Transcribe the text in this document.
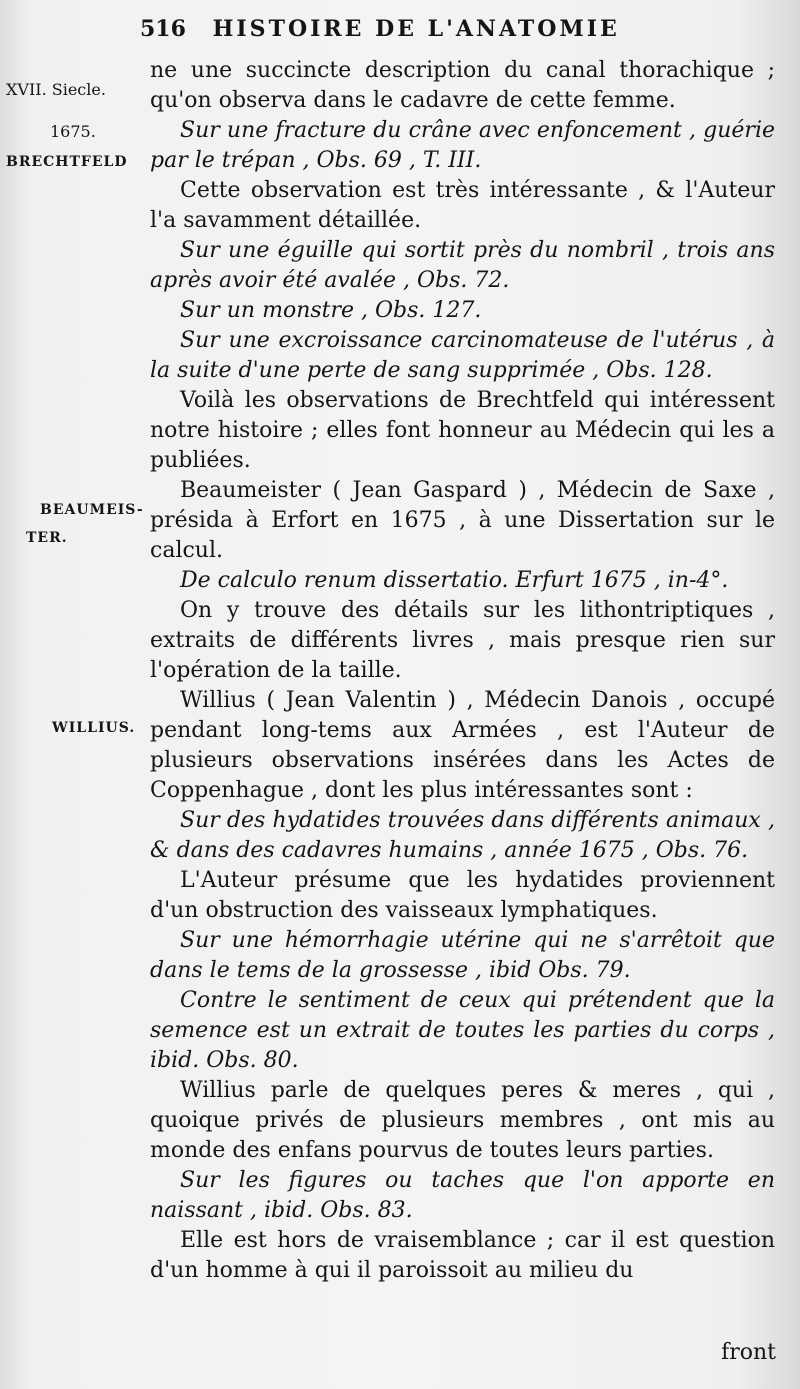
516 HISTOIRE DE L'ANATOMIE
XVII. Siecle.
1675.
BRECHTFELD
BEAUMEIS-
TER.
WILLIUS.

ne une succincte description du canal thorachique ; qu'on observa dans le cadavre de cette femme.

Sur une fracture du crâne avec enfoncement , guérie par le trépan , Obs. 69 , T. III.

Cette observation est très intéressante , & l'Auteur l'a savamment détaillée.

Sur une éguille qui sortit près du nombril , trois ans après avoir été avalée , Obs. 72.

Sur un monstre , Obs. 127.

Sur une excroissance carcinomateuse de l'utérus , à la suite d'une perte de sang supprimée , Obs. 128.

Voilà les observations de Brechtfeld qui intéressent notre histoire ; elles font honneur au Médecin qui les a publiées.

Beaumeister ( Jean Gaspard ) , Médecin de Saxe , présida à Erfort en 1675 , à une Dissertation sur le calcul.

De calculo renum dissertatio. Erfurt 1675 , in-4°.

On y trouve des détails sur les lithontriptiques , extraits de différents livres , mais presque rien sur l'opération de la taille.

Willius ( Jean Valentin ) , Médecin Danois , occupé pendant long-tems aux Armées , est l'Auteur de plusieurs observations insérées dans les Actes de Coppenhague , dont les plus intéressantes sont :

Sur des hydatides trouvées dans différents animaux , & dans des cadavres humains , année 1675 , Obs. 76.

L'Auteur présume que les hydatides proviennent d'un obstruction des vaisseaux lymphatiques.

Sur une hémorrhagie utérine qui ne s'arrêtoit que dans le tems de la grossesse , ibid Obs. 79.

Contre le sentiment de ceux qui prétendent que la semence est un extrait de toutes les parties du corps , ibid. Obs. 80.

Willius parle de quelques peres & meres , qui , quoique privés de plusieurs membres , ont mis au monde des enfans pourvus de toutes leurs parties.

Sur les figures ou taches que l'on apporte en naissant , ibid. Obs. 83.

Elle est hors de vraisemblance ; car il est question d'un homme à qui il paroissoit au milieu du

front
